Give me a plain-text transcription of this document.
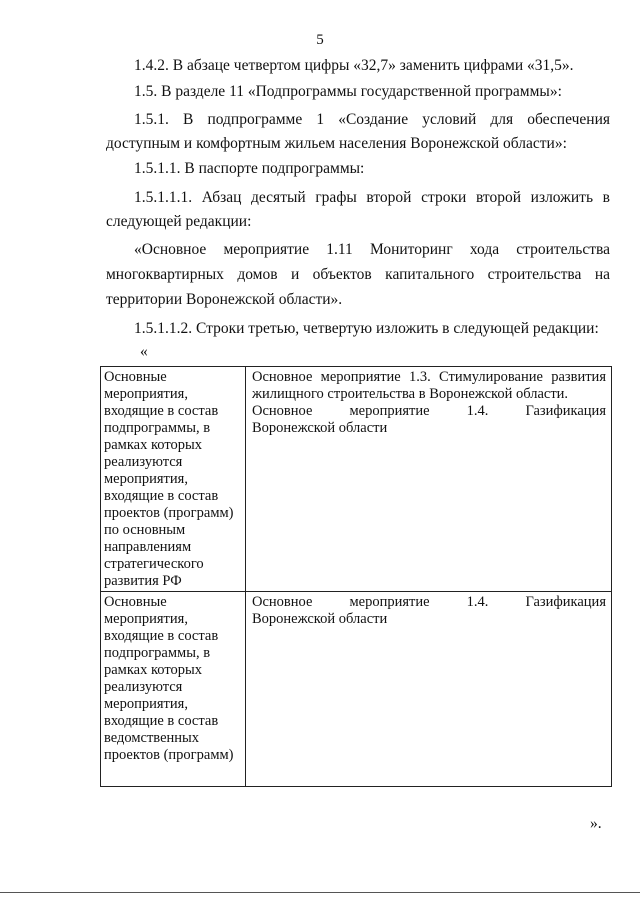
5
1.4.2. В абзаце четвертом цифры «32,7» заменить цифрами «31,5».
1.5. В разделе 11 «Подпрограммы государственной программы»:
1.5.1. В подпрограмме 1 «Создание условий для обеспечения
доступным и комфортным жильем населения Воронежской области»:
1.5.1.1. В паспорте подпрограммы:
1.5.1.1.1. Абзац десятый графы второй строки второй изложить в
следующей редакции:
«Основное мероприятие 1.11 Мониторинг хода строительства
многоквартирных домов и объектов капитального строительства на
территории Воронежской области».
1.5.1.1.2. Строки третью, четвертую изложить в следующей редакции:
«
Основные
мероприятия,
входящие в состав
подпрограммы, в
рамках которых
реализуются
мероприятия,
входящие в состав
проектов (программ)
по основным
направлениям
стратегического
развития РФ
Основное мероприятие 1.3. Стимулирование развития
жилищного строительства в Воронежской области.
Основное мероприятие 1.4. Газификация
Воронежской области
Основные
мероприятия,
входящие в состав
подпрограммы, в
рамках которых
реализуются
мероприятия,
входящие в состав
ведомственных
проектов (программ)
Основное мероприятие 1.4. Газификация
Воронежской области
».
